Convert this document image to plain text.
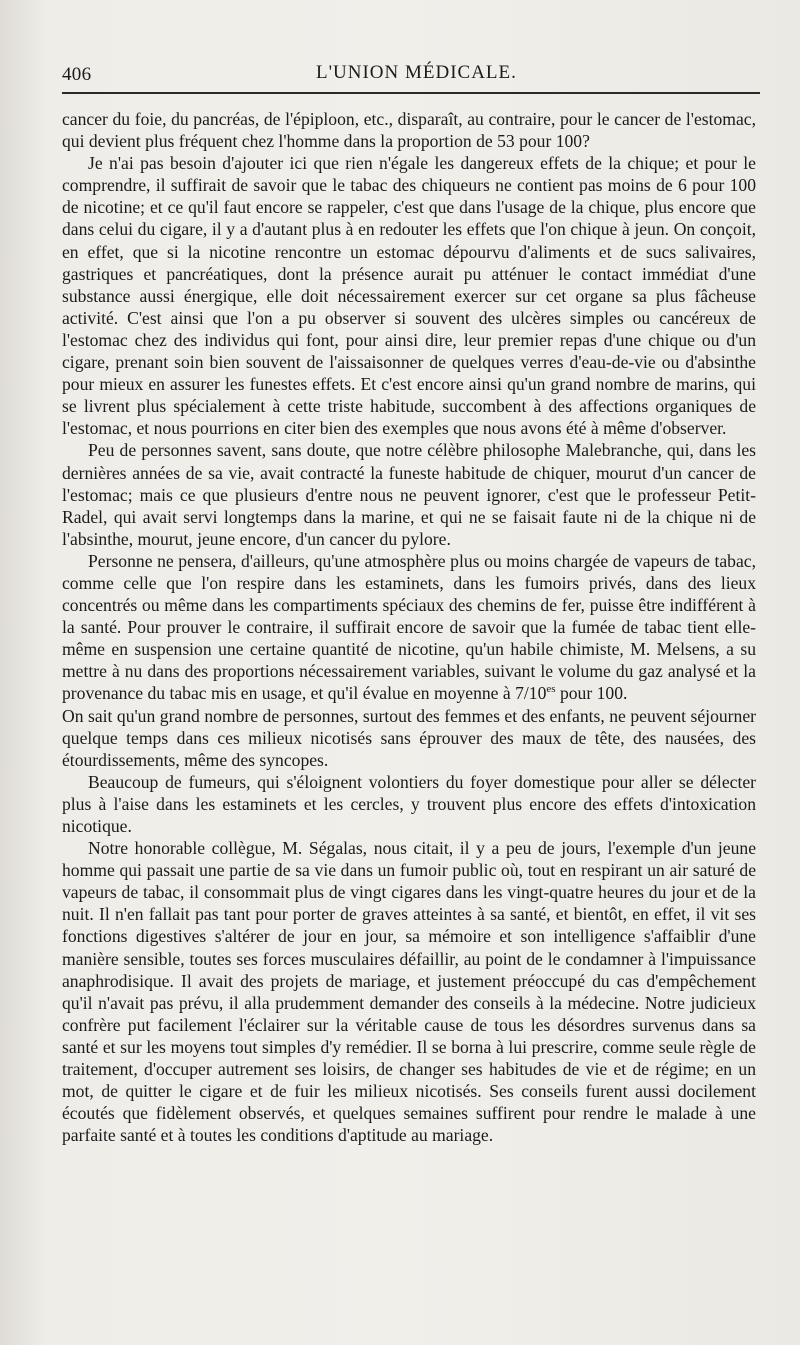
406	L'UNION MÉDICALE.

cancer du foie, du pancréas, de l'épiploon, etc., disparaît, au contraire, pour le cancer de l'estomac, qui devient plus fréquent chez l'homme dans la proportion de 53 pour 100?

Je n'ai pas besoin d'ajouter ici que rien n'égale les dangereux effets de la chique; et pour le comprendre, il suffirait de savoir que le tabac des chiqueurs ne contient pas moins de 6 pour 100 de nicotine; et ce qu'il faut encore se rappeler, c'est que dans l'usage de la chique, plus encore que dans celui du cigare, il y a d'autant plus à en redouter les effets que l'on chique à jeun. On conçoit, en effet, que si la nicotine rencontre un estomac dépourvu d'aliments et de sucs salivaires, gastriques et pancréatiques, dont la présence aurait pu atténuer le contact immédiat d'une substance aussi énergique, elle doit nécessairement exercer sur cet organe sa plus fâcheuse activité. C'est ainsi que l'on a pu observer si souvent des ulcères simples ou cancéreux de l'estomac chez des individus qui font, pour ainsi dire, leur premier repas d'une chique ou d'un cigare, prenant soin bien souvent de l'aissaisonner de quelques verres d'eau-de-vie ou d'absinthe pour mieux en assurer les funestes effets. Et c'est encore ainsi qu'un grand nombre de marins, qui se livrent plus spécialement à cette triste habitude, succombent à des affections organiques de l'estomac, et nous pourrions en citer bien des exemples que nous avons été à même d'observer.

Peu de personnes savent, sans doute, que notre célèbre philosophe Malebranche, qui, dans les dernières années de sa vie, avait contracté la funeste habitude de chiquer, mourut d'un cancer de l'estomac; mais ce que plusieurs d'entre nous ne peuvent ignorer, c'est que le professeur Petit-Radel, qui avait servi longtemps dans la marine, et qui ne se faisait faute ni de la chique ni de l'absinthe, mourut, jeune encore, d'un cancer du pylore.

Personne ne pensera, d'ailleurs, qu'une atmosphère plus ou moins chargée de vapeurs de tabac, comme celle que l'on respire dans les estaminets, dans les fumoirs privés, dans des lieux concentrés ou même dans les compartiments spéciaux des chemins de fer, puisse être indifférent à la santé. Pour prouver le contraire, il suffirait encore de savoir que la fumée de tabac tient elle-même en suspension une certaine quantité de nicotine, qu'un habile chimiste, M. Melsens, a su mettre à nu dans des proportions nécessairement variables, suivant le volume du gaz analysé et la provenance du tabac mis en usage, et qu'il évalue en moyenne à $7/10^{es}$ pour 100.

On sait qu'un grand nombre de personnes, surtout des femmes et des enfants, ne peuvent séjourner quelque temps dans ces milieux nicotisés sans éprouver des maux de tête, des nausées, des étourdissements, même des syncopes.

Beaucoup de fumeurs, qui s'éloignent volontiers du foyer domestique pour aller se délecter plus à l'aise dans les estaminets et les cercles, y trouvent plus encore des effets d'intoxication nicotique.

Notre honorable collègue, M. Ségalas, nous citait, il y a peu de jours, l'exemple d'un jeune homme qui passait une partie de sa vie dans un fumoir public où, tout en respirant un air saturé de vapeurs de tabac, il consommait plus de vingt cigares dans les vingt-quatre heures du jour et de la nuit. Il n'en fallait pas tant pour porter de graves atteintes à sa santé, et bientôt, en effet, il vit ses fonctions digestives s'altérer de jour en jour, sa mémoire et son intelligence s'affaiblir d'une manière sensible, toutes ses forces musculaires défaillir, au point de le condamner à l'impuissance anaphrodisique. Il avait des projets de mariage, et justement préoccupé du cas d'empêchement qu'il n'avait pas prévu, il alla prudemment demander des conseils à la médecine. Notre judicieux confrère put facilement l'éclairer sur la véritable cause de tous les désordres survenus dans sa santé et sur les moyens tout simples d'y remédier. Il se borna à lui prescrire, comme seule règle de traitement, d'occuper autrement ses loisirs, de changer ses habitudes de vie et de régime; en un mot, de quitter le cigare et de fuir les milieux nicotisés. Ses conseils furent aussi docilement écoutés que fidèlement observés, et quelques semaines suffirent pour rendre le malade à une parfaite santé et à toutes les conditions d'aptitude au mariage.
